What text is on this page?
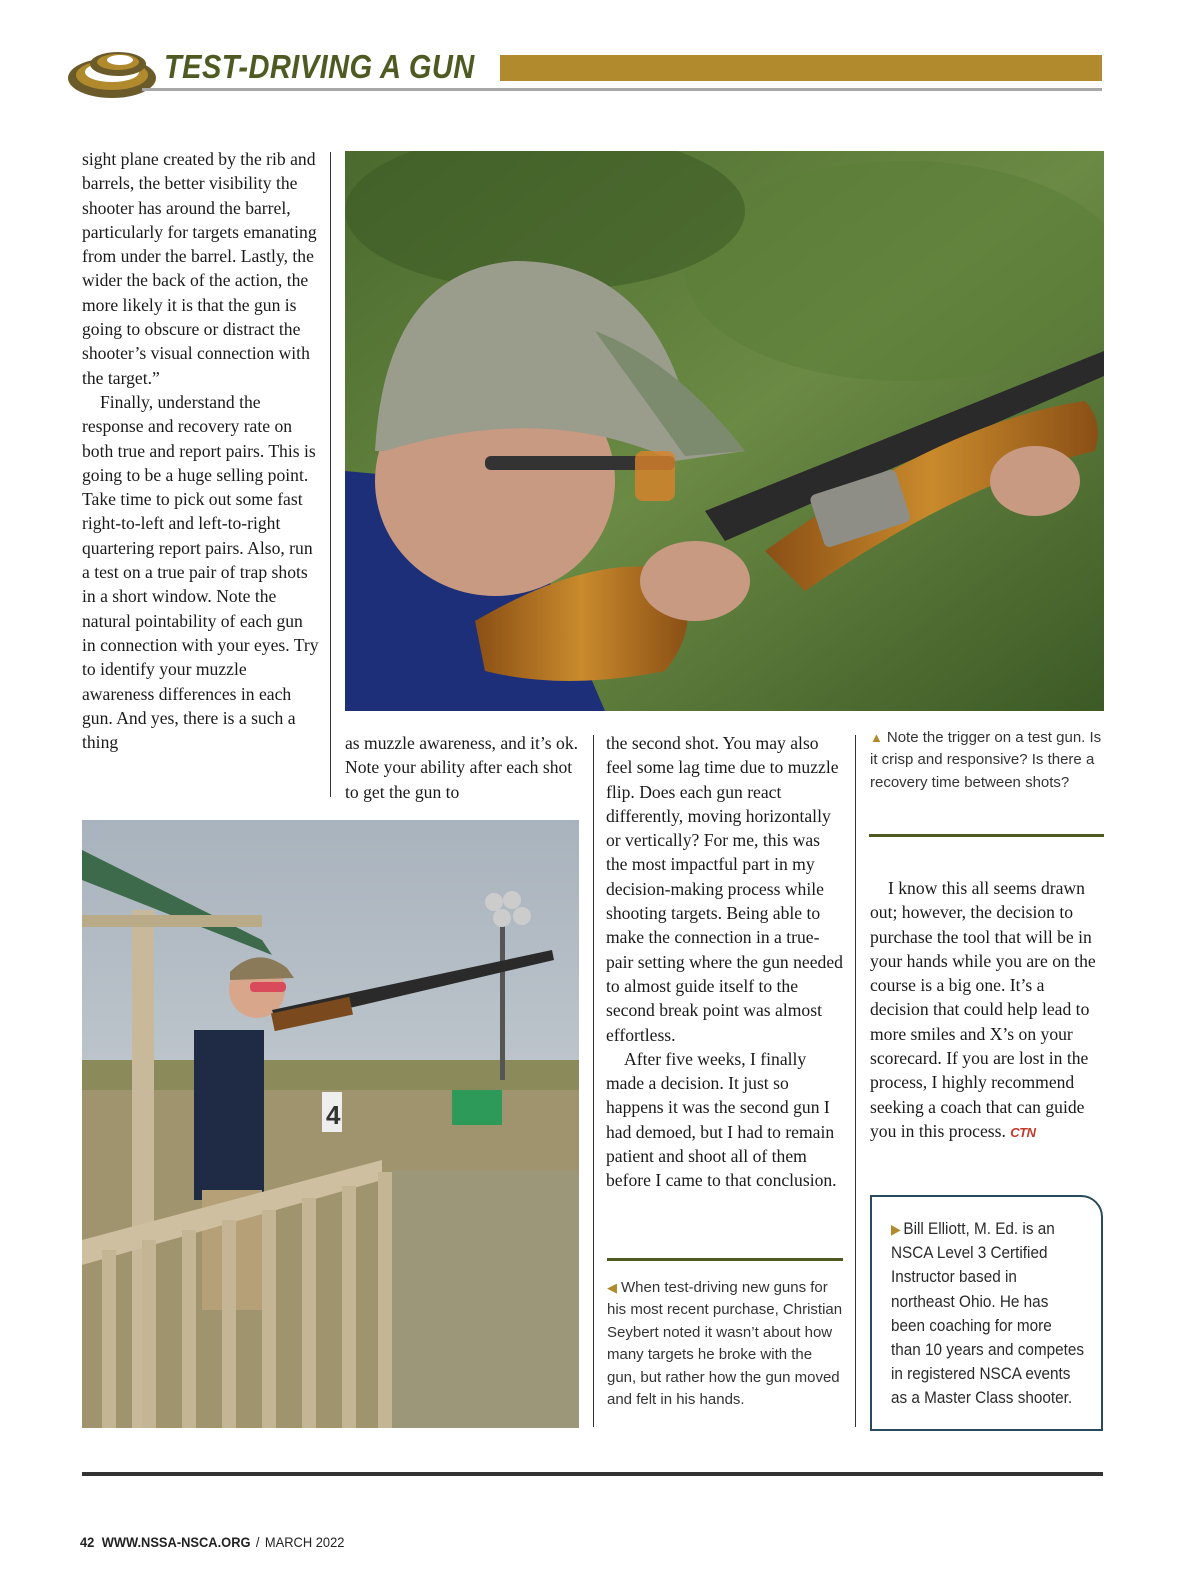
TEST-DRIVING A GUN

sight plane created by the rib and barrels, the better visibility the shooter has around the barrel, particularly for targets emanating from under the barrel. Lastly, the wider the back of the action, the more likely it is that the gun is going to obscure or distract the shooter’s visual connection with the target.”

Finally, understand the response and recovery rate on both true and report pairs. This is going to be a huge selling point. Take time to pick out some fast right-to-left and left-to-right quartering report pairs. Also, run a test on a true pair of trap shots in a short window. Note the natural pointability of each gun in connection with your eyes. Try to identify your muzzle awareness differences in each gun. And yes, there is a such a thing	as muzzle awareness, and it’s ok. Note your ability after each shot to get the gun to

the second shot. You may also feel some lag time due to muzzle flip. Does each gun react differently, moving horizontally or vertically? For me, this was the most impactful part in my decision-making process while shooting targets. Being able to make the connection in a true-pair setting where the gun needed to almost guide itself to the second break point was almost effortless.

After five weeks, I finally made a decision. It just so happens it was the second gun I had demoed, but I had to remain patient and shoot all of them before I came to that conclusion.

▲ Note the trigger on a test gun. Is it crisp and responsive? Is there a recovery time between shots?

I know this all seems drawn out; however, the decision to purchase the tool that will be in your hands while you are on the course is a big one. It’s a decision that could help lead to more smiles and X’s on your scorecard. If you are lost in the process, I highly recommend seeking a coach that can guide you in this process. CTN

4
◀ When test-driving new guns for his most recent purchase, Christian Seybert noted it wasn’t about how many targets he broke with the gun, but rather how the gun moved and felt in his hands.
▶ Bill Elliott, M. Ed. is an NSCA Level 3 Certified Instructor based in northeast Ohio. He has been coaching for more than 10 years and competes in registered NSCA events as a Master Class shooter.
42 WWW.NSSA-NSCA.ORG / MARCH 2022
